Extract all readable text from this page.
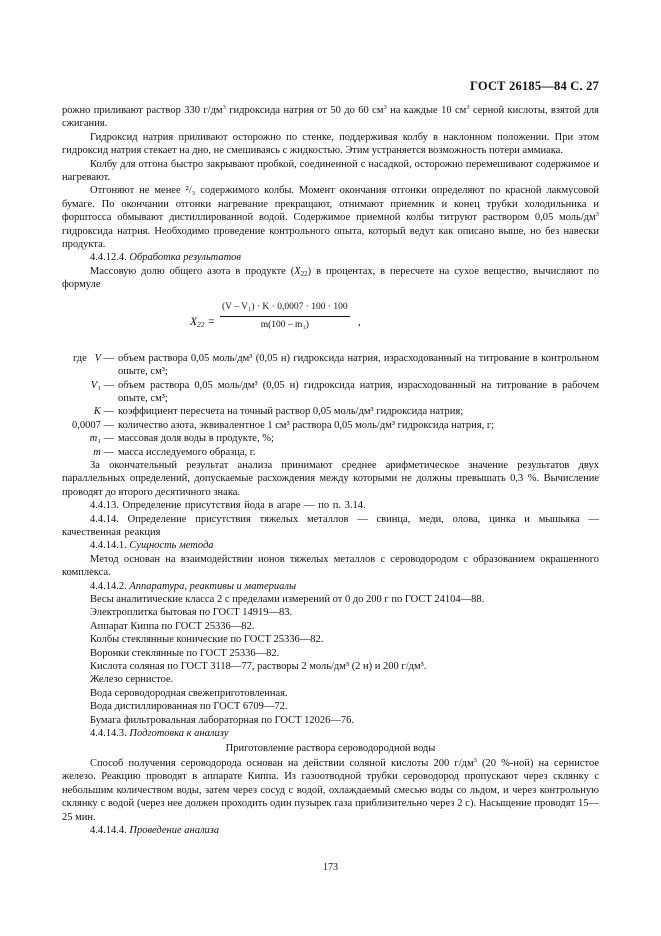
ГОСТ 26185—84 С. 27

рожно приливают раствор 330 $г/дм^3$ гидроксида натрия от 50 до 60 $см^3$ на каждые 10 $см^3$ серной кислоты, взятой для сжигания.

Гидроксид натрия приливают осторожно по стенке, поддерживая колбу в наклонном положении. При этом гидроксид натрия стекает на дно, не смешиваясь с жидкостью. Этим устраняется возможность потери аммиака.

Колбу для отгона быстро закрывают пробкой, соединенной с насадкой, осторожно перемешивают содержимое и нагревают.

Отгоняют не менее ²/₃ содержимого колбы. Момент окончания отгонки определяют по красной лакмусовой бумаге. По окончании отгонки нагревание прекращают, отнимают приемник и конец трубки холодильника и форштосса обмывают дистиллированной водой. Содержимое приемной колбы титруют раствором 0,05 моль/$дм^3$ гидроксида натрия. Необходимо проведение контрольного опыта, который ведут как описано выше, но без навески продукта.

4.4.12.4. Обработка результатов

Массовую долю общего азота в продукте $(X_{22})$ в процентах, в пересчете на сухое вещество, вычисляют по формуле

$X_{22} = \frac{\text{(V – V₁) · K · 0,0007 · 100 · 100}}{\text{m(100 – m₁)}}$ ,
где V — объем раствора 0,05 моль/дм³ (0,05 н) гидроксида натрия, израсходованный на титрование в контрольном опыте, см³;
V₁ — объем раствора 0,05 моль/дм³ (0,05 н) гидроксида натрия, израсходованный на титрование в рабочем опыте, см³;
K — коэффициент пересчета на точный раствор 0,05 моль/дм³ гидроксида натрия;
0,0007 — количество азота, эквивалентное 1 см³ раствора 0,05 моль/дм³ гидроксида натрия, г;
m₁ — массовая доля воды в продукте, %;
m — масса исследуемого образца, г.

За окончательный результат анализа принимают среднее арифметическое значение результатов двух параллельных определений, допускаемые расхождения между которыми не должны превышать 0,3 %. Вычисление проводят до второго десятичного знака.

4.4.13. Определение присутствия йода в агаре — по п. 3.14.

4.4.14. Определение присутствия тяжелых металлов — свинца, меди, олова, цинка и мышьяка — качественная реакция

4.4.14.1. Сущность метода

Метод основан на взаимодействии ионов тяжелых металлов с сероводородом с образованием окрашенного комплекса.

4.4.14.2. Аппаратура, реактивы и материалы

Весы аналитические класса 2 с пределами измерений от 0 до 200 г по ГОСТ 24104—88.

Электроплитка бытовая по ГОСТ 14919—83.

Аппарат Киппа по ГОСТ 25336—82.

Колбы стеклянные конические по ГОСТ 25336—82.

Воронки стеклянные по ГОСТ 25336—82.

Кислота соляная по ГОСТ 3118—77, растворы 2 моль/дм³ (2 н) и 200 г/дм³.

Железо сернистое.

Вода сероводородная свежеприготовленная.

Вода дистиллированная по ГОСТ 6709—72.

Бумага фильтровальная лабораторная по ГОСТ 12026—76.

4.4.14.3. Подготовка к анализу

Приготовление раствора сероводородной воды

Способ получения сероводорода основан на действии соляной кислоты 200 $г/дм^3$ (20 %-ной) на сернистое железо. Реакцию проводят в аппарате Киппа. Из газоотводной трубки сероводород пропускают через склянку с небольшим количеством воды, затем через сосуд с водой, охлаждаемый смесью воды со льдом, и через контрольную склянку с водой (через нее должен проходить один пузырек газа приблизительно через 2 с). Насыщение проводят 15—25 мин.

4.4.14.4. Проведение анализа

173
